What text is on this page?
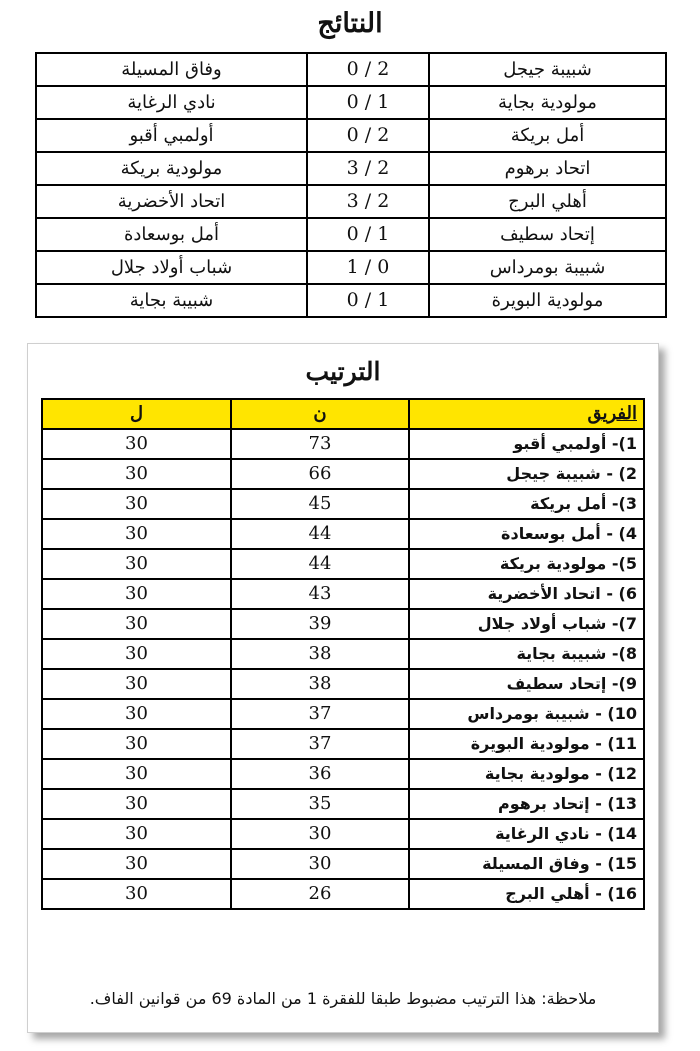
النتائج
شبيبة جيجل	2 / 0	وفاق المسيلة
مولودية بجاية	1 / 0	نادي الرغاية
أمل بريكة	2 / 0	أولمبي أقبو
اتحاد برهوم	2 / 3	مولودية بريكة
أهلي البرج	2 / 3	اتحاد الأخضرية
إتحاد سطيف	1 / 0	أمل بوسعادة
شبيبة بومرداس	0 / 1	شباب أولاد جلال
مولودية البويرة	1 / 0	شبيبة بجاية
الترتيب
الفريق	ن	ل
1)- أولمبي أقبو	73	30
2) - شبيبة جيجل	66	30
3)- أمل بريكة	45	30
4) - أمل بوسعادة	44	30
5)- مولودية بريكة	44	30
6) - اتحاد الأخضرية	43	30
7)- شباب أولاد جلال	39	30
8)- شبيبة بجاية	38	30
9)- إتحاد سطيف	38	30
10) - شبيبة بومرداس	37	30
11) - مولودية البويرة	37	30
12) - مولودية بجاية	36	30
13) - إتحاد برهوم	35	30
14) - نادي الرغاية	30	30
15) - وفاق المسيلة	30	30
16) - أهلي البرج	26	30
ملاحظة: هذا الترتيب مضبوط طبقا للفقرة 1 من المادة 69 من قوانين الفاف.
